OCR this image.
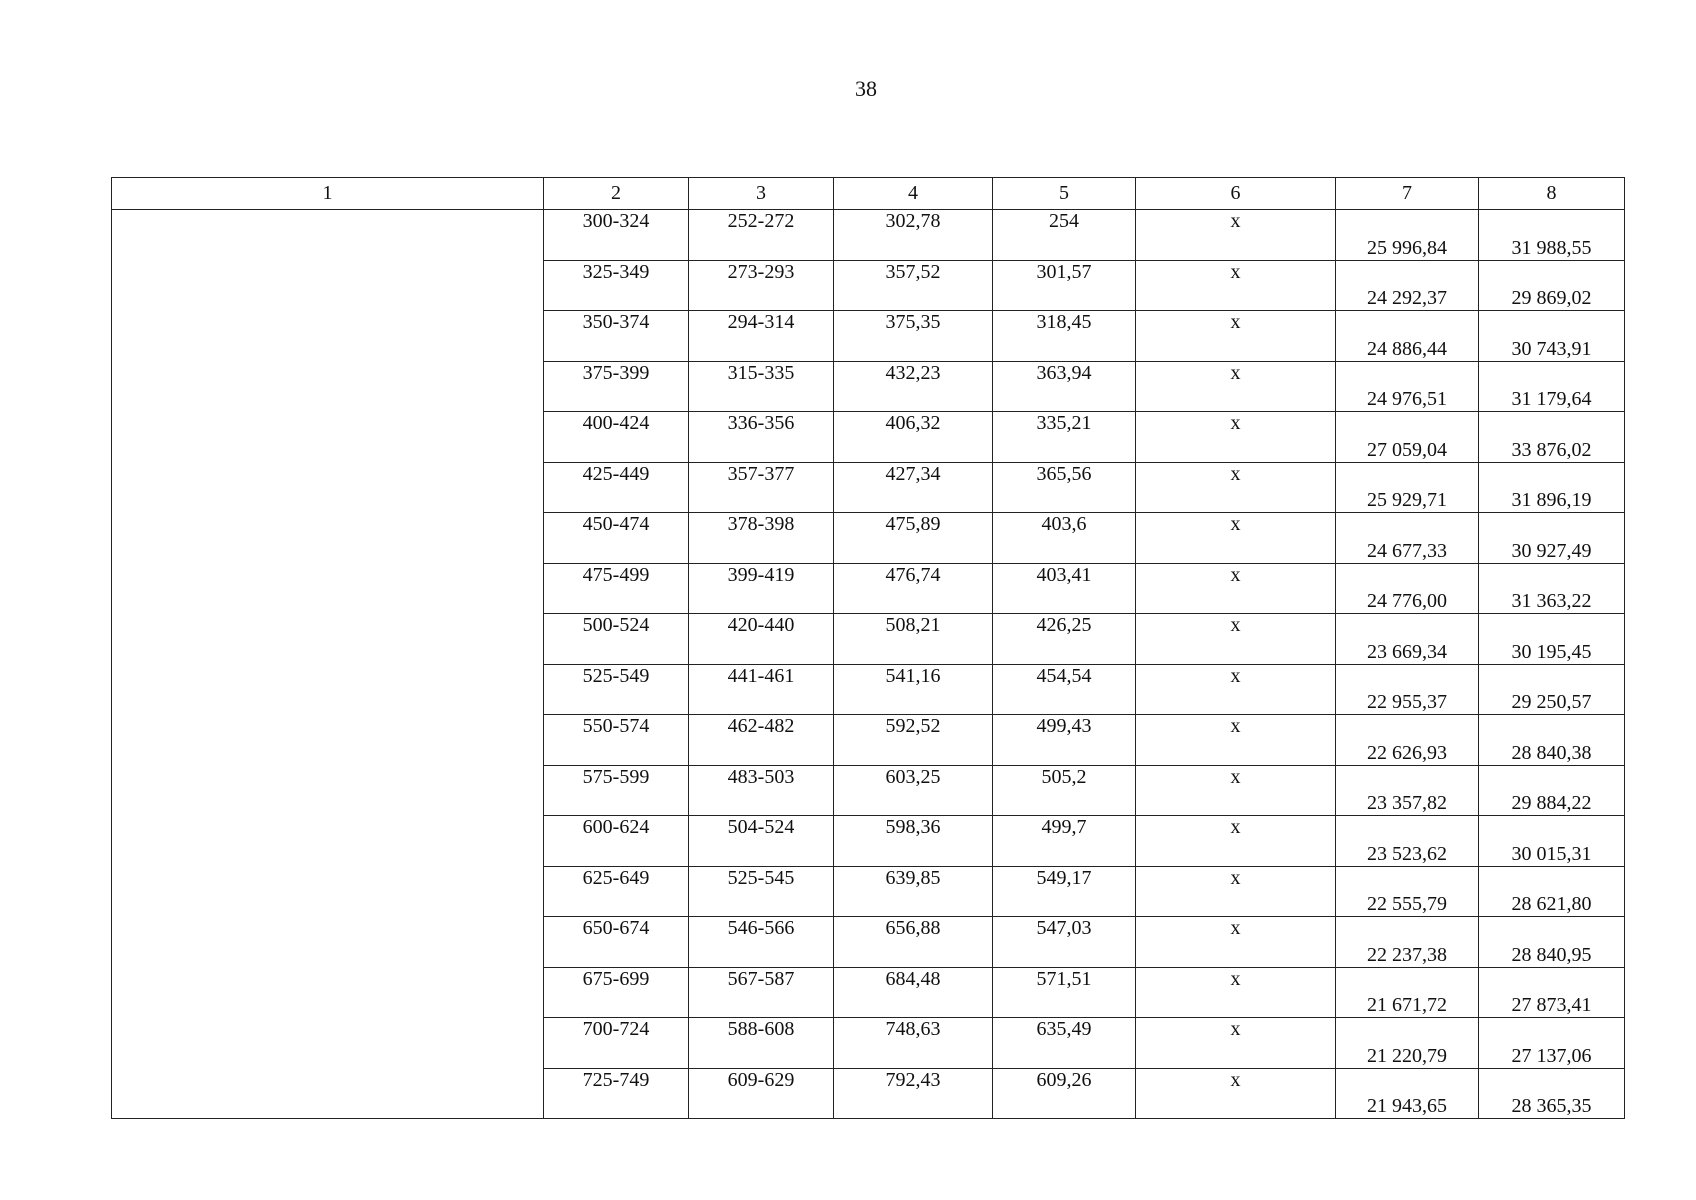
38
1	2	3	4	5	6	7	8
	300-324	252-272	302,78	254	x	25 996,84	31 988,55
	325-349	273-293	357,52	301,57	x	24 292,37	29 869,02
	350-374	294-314	375,35	318,45	x	24 886,44	30 743,91
	375-399	315-335	432,23	363,94	x	24 976,51	31 179,64
	400-424	336-356	406,32	335,21	x	27 059,04	33 876,02
	425-449	357-377	427,34	365,56	x	25 929,71	31 896,19
	450-474	378-398	475,89	403,6	x	24 677,33	30 927,49
	475-499	399-419	476,74	403,41	x	24 776,00	31 363,22
	500-524	420-440	508,21	426,25	x	23 669,34	30 195,45
	525-549	441-461	541,16	454,54	x	22 955,37	29 250,57
	550-574	462-482	592,52	499,43	x	22 626,93	28 840,38
	575-599	483-503	603,25	505,2	x	23 357,82	29 884,22
	600-624	504-524	598,36	499,7	x	23 523,62	30 015,31
	625-649	525-545	639,85	549,17	x	22 555,79	28 621,80
	650-674	546-566	656,88	547,03	x	22 237,38	28 840,95
	675-699	567-587	684,48	571,51	x	21 671,72	27 873,41
	700-724	588-608	748,63	635,49	x	21 220,79	27 137,06
	725-749	609-629	792,43	609,26	x	21 943,65	28 365,35
